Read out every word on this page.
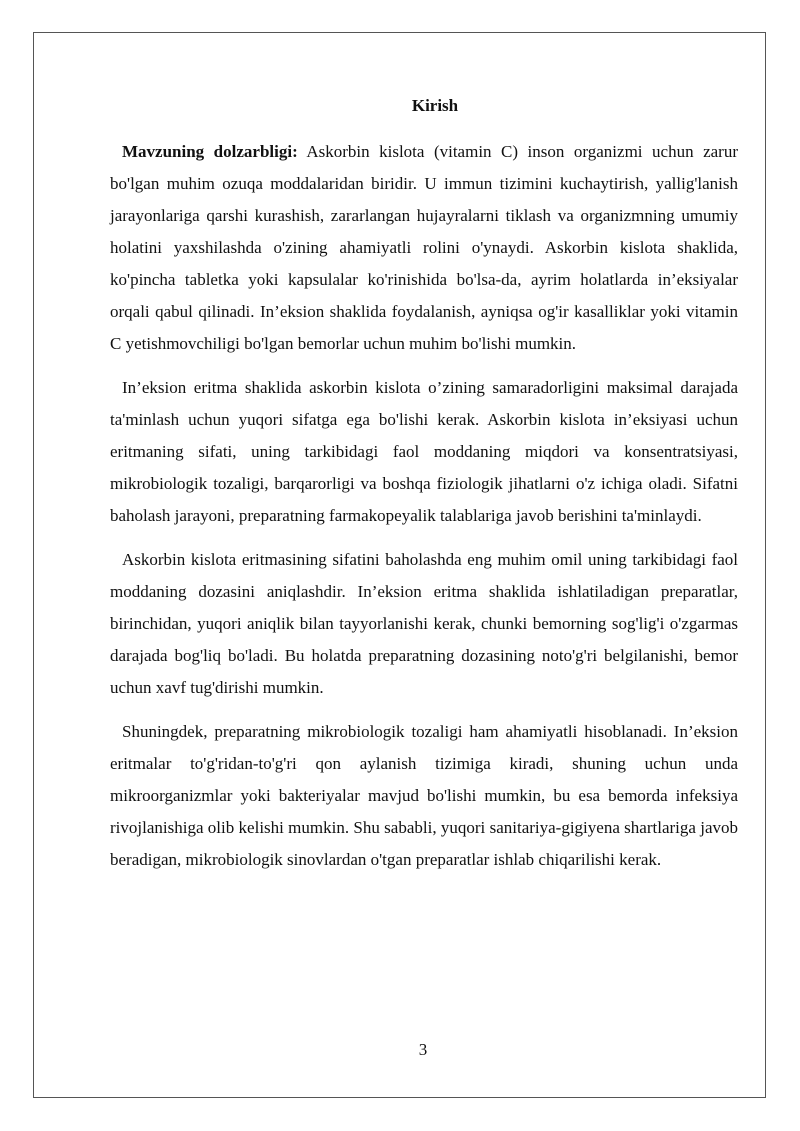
Kirish

Mavzuning dolzarbligi: Askorbin kislota (vitamin C) inson organizmi uchun zarur bo'lgan muhim ozuqa moddalaridan biridir. U immun tizimini kuchaytirish, yallig'lanish jarayonlariga qarshi kurashish, zararlangan hujayralarni tiklash va organizmning umumiy holatini yaxshilashda o'zining ahamiyatli rolini o'ynaydi. Askorbin kislota shaklida, ko'pincha tabletka yoki kapsulalar ko'rinishida bo'lsa-da, ayrim holatlarda in’eksiyalar orqali qabul qilinadi. In’eksion shaklida foydalanish, ayniqsa og'ir kasalliklar yoki vitamin C yetishmovchiligi bo'lgan bemorlar uchun muhim bo'lishi mumkin.

In’eksion eritma shaklida askorbin kislota o’zining samaradorligini maksimal darajada ta'minlash uchun yuqori sifatga ega bo'lishi kerak. Askorbin kislota in’eksiyasi uchun eritmaning sifati, uning tarkibidagi faol moddaning miqdori va konsentratsiyasi, mikrobiologik tozaligi, barqarorligi va boshqa fiziologik jihatlarni o'z ichiga oladi. Sifatni baholash jarayoni, preparatning farmakopeyalik talablariga javob berishini ta'minlaydi.

Askorbin kislota eritmasining sifatini baholashda eng muhim omil uning tarkibidagi faol moddaning dozasini aniqlashdir. In’eksion eritma shaklida ishlatiladigan preparatlar, birinchidan, yuqori aniqlik bilan tayyorlanishi kerak, chunki bemorning sog'lig'i o'zgarmas darajada bog'liq bo'ladi. Bu holatda preparatning dozasining noto'g'ri belgilanishi, bemor uchun xavf tug'dirishi mumkin.

Shuningdek, preparatning mikrobiologik tozaligi ham ahamiyatli hisoblanadi. In’eksion eritmalar to'g'ridan-to'g'ri qon aylanish tizimiga kiradi, shuning uchun unda mikroorganizmlar yoki bakteriyalar mavjud bo'lishi mumkin, bu esa bemorda infeksiya rivojlanishiga olib kelishi mumkin. Shu sababli, yuqori sanitariya-gigiyena shartlariga javob beradigan, mikrobiologik sinovlardan o'tgan preparatlar ishlab chiqarilishi kerak.

3
